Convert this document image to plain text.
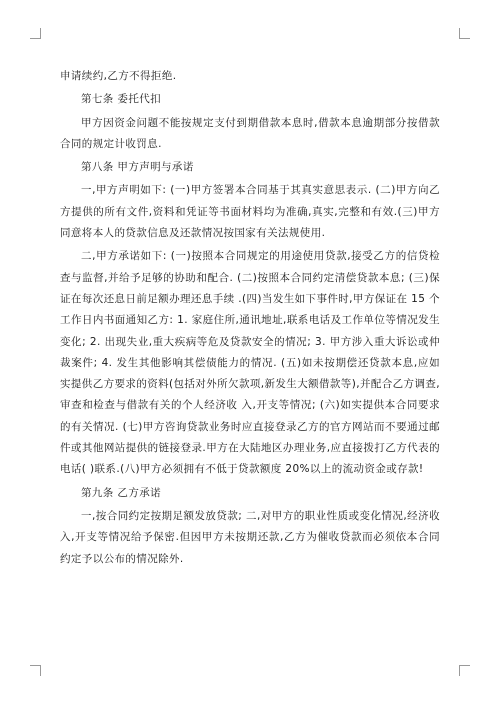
申请续约,乙方不得拒绝.

第七条 委托代扣

甲方因资金问题不能按规定支付到期借款本息时,借款本息逾期部分按借款合同的规定计收罚息.

第八条 甲方声明与承诺

一,甲方声明如下: (一)甲方签署本合同基于其真实意思表示. (二)甲方向乙方提供的所有文件,资料和凭证等书面材料均为准确,真实,完整和有效.(三)甲方同意将本人的贷款信息及还款情况按国家有关法规使用.

二,甲方承诺如下: (一)按照本合同规定的用途使用贷款,接受乙方的信贷检查与监督,并给予足够的协助和配合. (二)按照本合同约定清偿贷款本息; (三)保证在每次还息日前足额办理还息手续 .(四)当发生如下事件时,甲方保证在 15 个工作日内书面通知乙方: 1. 家庭住所,通讯地址,联系电话及工作单位等情况发生变化; 2. 出现失业,重大疾病等危及贷款安全的情况; 3. 甲方涉入重大诉讼或仲裁案件; 4. 发生其他影响其偿债能力的情况. (五)如未按期偿还贷款本息,应如实提供乙方要求的资料(包括对外所欠款项,新发生大额借款等),并配合乙方调查,审查和检查与借款有关的个人经济收 入,开支等情况; (六)如实提供本合同要求的有关情况. (七)甲方咨询贷款业务时应直接登录乙方的官方网站而不要通过邮件或其他网站提供的链接登录.甲方在大陆地区办理业务,应直接拨打乙方代表的电话( )联系.(八)甲方必须拥有不低于贷款额度 20%以上的流动资金或存款!

第九条 乙方承诺

一,按合同约定按期足额发放贷款; 二,对甲方的职业性质或变化情况,经济收入,开支等情况给予保密.但因甲方未按期还款,乙方为催收贷款而必须依本合同约定予以公布的情况除外.
